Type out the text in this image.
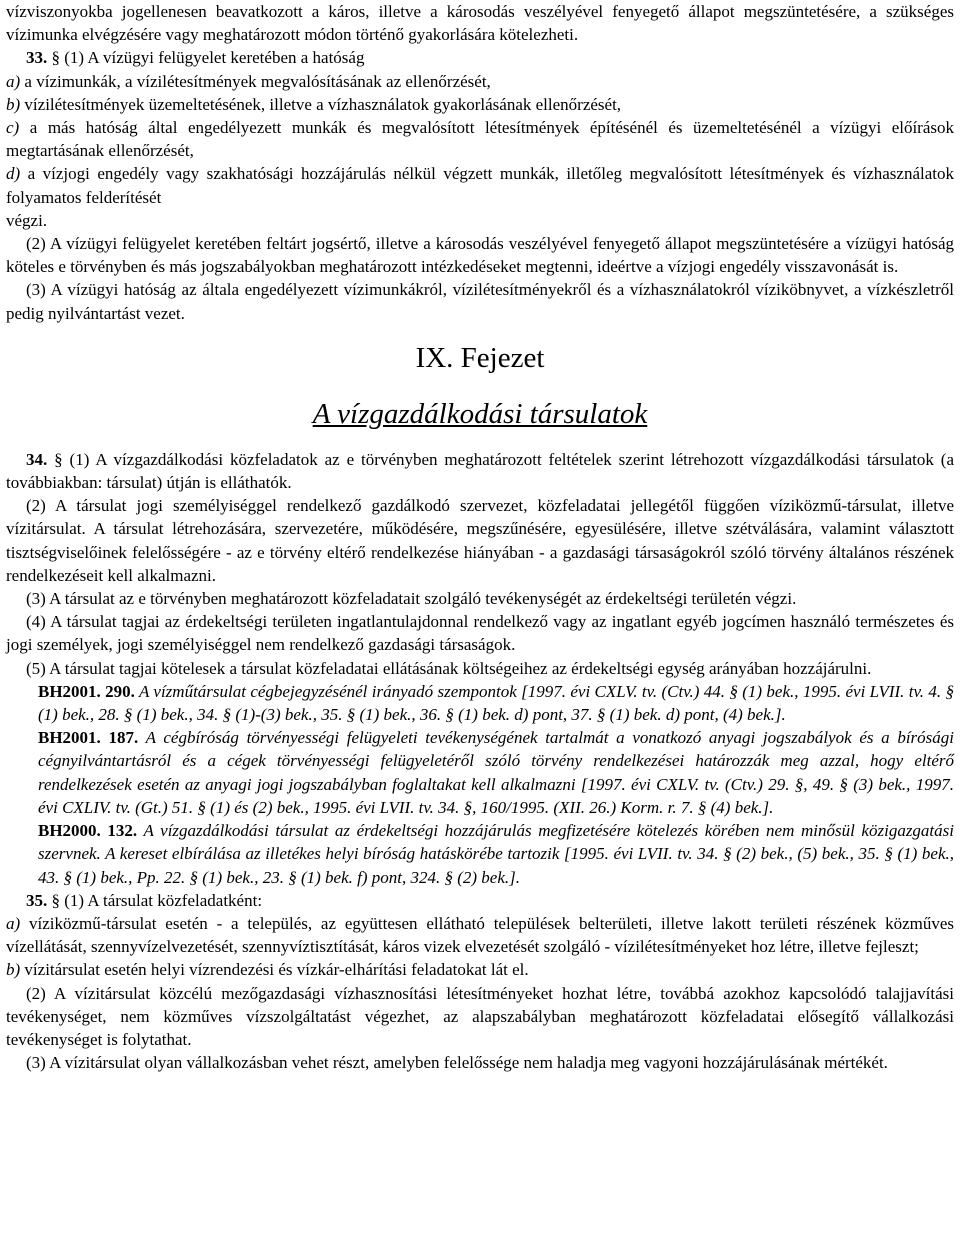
vízviszonyokba jogellenesen beavatkozott a káros, illetve a károsodás veszélyével fenyegető állapot megszüntetésére, a szükséges vízimunka elvégzésére vagy meghatározott módon történő gyakorlására kötelezheti.

33. § (1) A vízügyi felügyelet keretében a hatóság

a) a vízimunkák, a vízilétesítmények megvalósításának az ellenőrzését,

b) vízilétesítmények üzemeltetésének, illetve a vízhasználatok gyakorlásának ellenőrzését,

c) a más hatóság által engedélyezett munkák és megvalósított létesítmények építésénél és üzemeltetésénél a vízügyi előírások megtartásának ellenőrzését,

d) a vízjogi engedély vagy szakhatósági hozzájárulás nélkül végzett munkák, illetőleg megvalósított létesítmények és vízhasználatok folyamatos felderítését

végzi.

(2) A vízügyi felügyelet keretében feltárt jogsértő, illetve a károsodás veszélyével fenyegető állapot megszüntetésére a vízügyi hatóság köteles e törvényben és más jogszabályokban meghatározott intézkedéseket megtenni, ideértve a vízjogi engedély visszavonását is.

(3) A vízügyi hatóság az általa engedélyezett vízimunkákról, vízilétesítményekről és a vízhasználatokról víziköbnyvet, a vízkészletről pedig nyilvántartást vezet.

IX. Fejezet
A vízgazdálkodási társulatok

34. § (1) A vízgazdálkodási közfeladatok az e törvényben meghatározott feltételek szerint létrehozott vízgazdálkodási társulatok (a továbbiakban: társulat) útján is elláthatók.

(2) A társulat jogi személyiséggel rendelkező gazdálkodó szervezet, közfeladatai jellegétől függően víziközmű-társulat, illetve vízitársulat. A társulat létrehozására, szervezetére, működésére, megszűnésére, egyesülésére, illetve szétválására, valamint választott tisztségviselőinek felelősségére - az e törvény eltérő rendelkezése hiányában - a gazdasági társaságokról szóló törvény általános részének rendelkezéseit kell alkalmazni.

(3) A társulat az e törvényben meghatározott közfeladatait szolgáló tevékenységét az érdekeltségi területén végzi.

(4) A társulat tagjai az érdekeltségi területen ingatlantulajdonnal rendelkező vagy az ingatlant egyéb jogcímen használó természetes és jogi személyek, jogi személyiséggel nem rendelkező gazdasági társaságok.

(5) A társulat tagjai kötelesek a társulat közfeladatai ellátásának költségeihez az érdekeltségi egység arányában hozzájárulni.

BH2001. 290. A vízműtársulat cégbejegyzésénél irányadó szempontok [1997. évi CXLV. tv. (Ctv.) 44. § (1) bek., 1995. évi LVII. tv. 4. § (1) bek., 28. § (1) bek., 34. § (1)-(3) bek., 35. § (1) bek., 36. § (1) bek. d) pont, 37. § (1) bek. d) pont, (4) bek.].

BH2001. 187. A cégbíróság törvényességi felügyeleti tevékenységének tartalmát a vonatkozó anyagi jogszabályok és a bírósági cégnyilvántartásról és a cégek törvényességi felügyeletéről szóló törvény rendelkezései határozzák meg azzal, hogy eltérő rendelkezések esetén az anyagi jogi jogszabályban foglaltakat kell alkalmazni [1997. évi CXLV. tv. (Ctv.) 29. §, 49. § (3) bek., 1997. évi CXLIV. tv. (Gt.) 51. § (1) és (2) bek., 1995. évi LVII. tv. 34. §, 160/1995. (XII. 26.) Korm. r. 7. § (4) bek.].

BH2000. 132. A vízgazdálkodási társulat az érdekeltségi hozzájárulás megfizetésére kötelezés körében nem minősül közigazgatási szervnek. A kereset elbírálása az illetékes helyi bíróság hatáskörébe tartozik [1995. évi LVII. tv. 34. § (2) bek., (5) bek., 35. § (1) bek., 43. § (1) bek., Pp. 22. § (1) bek., 23. § (1) bek. f) pont, 324. § (2) bek.].

35. § (1) A társulat közfeladatként:

a) víziközmű-társulat esetén - a település, az együttesen ellátható települések belterületi, illetve lakott területi részének közműves vízellátását, szennyvízelvezetését, szennyvíztisztítását, káros vizek elvezetését szolgáló - vízilétesítményeket hoz létre, illetve fejleszt;

b) vízitársulat esetén helyi vízrendezési és vízkár-elhárítási feladatokat lát el.

(2) A vízitársulat közcélú mezőgazdasági vízhasznosítási létesítményeket hozhat létre, továbbá azokhoz kapcsolódó talajjavítási tevékenységet, nem közműves vízszolgáltatást végezhet, az alapszabályban meghatározott közfeladatai elősegítő vállalkozási tevékenységet is folytathat.

(3) A vízitársulat olyan vállalkozásban vehet részt, amelyben felelőssége nem haladja meg vagyoni hozzájárulásának mértékét.
